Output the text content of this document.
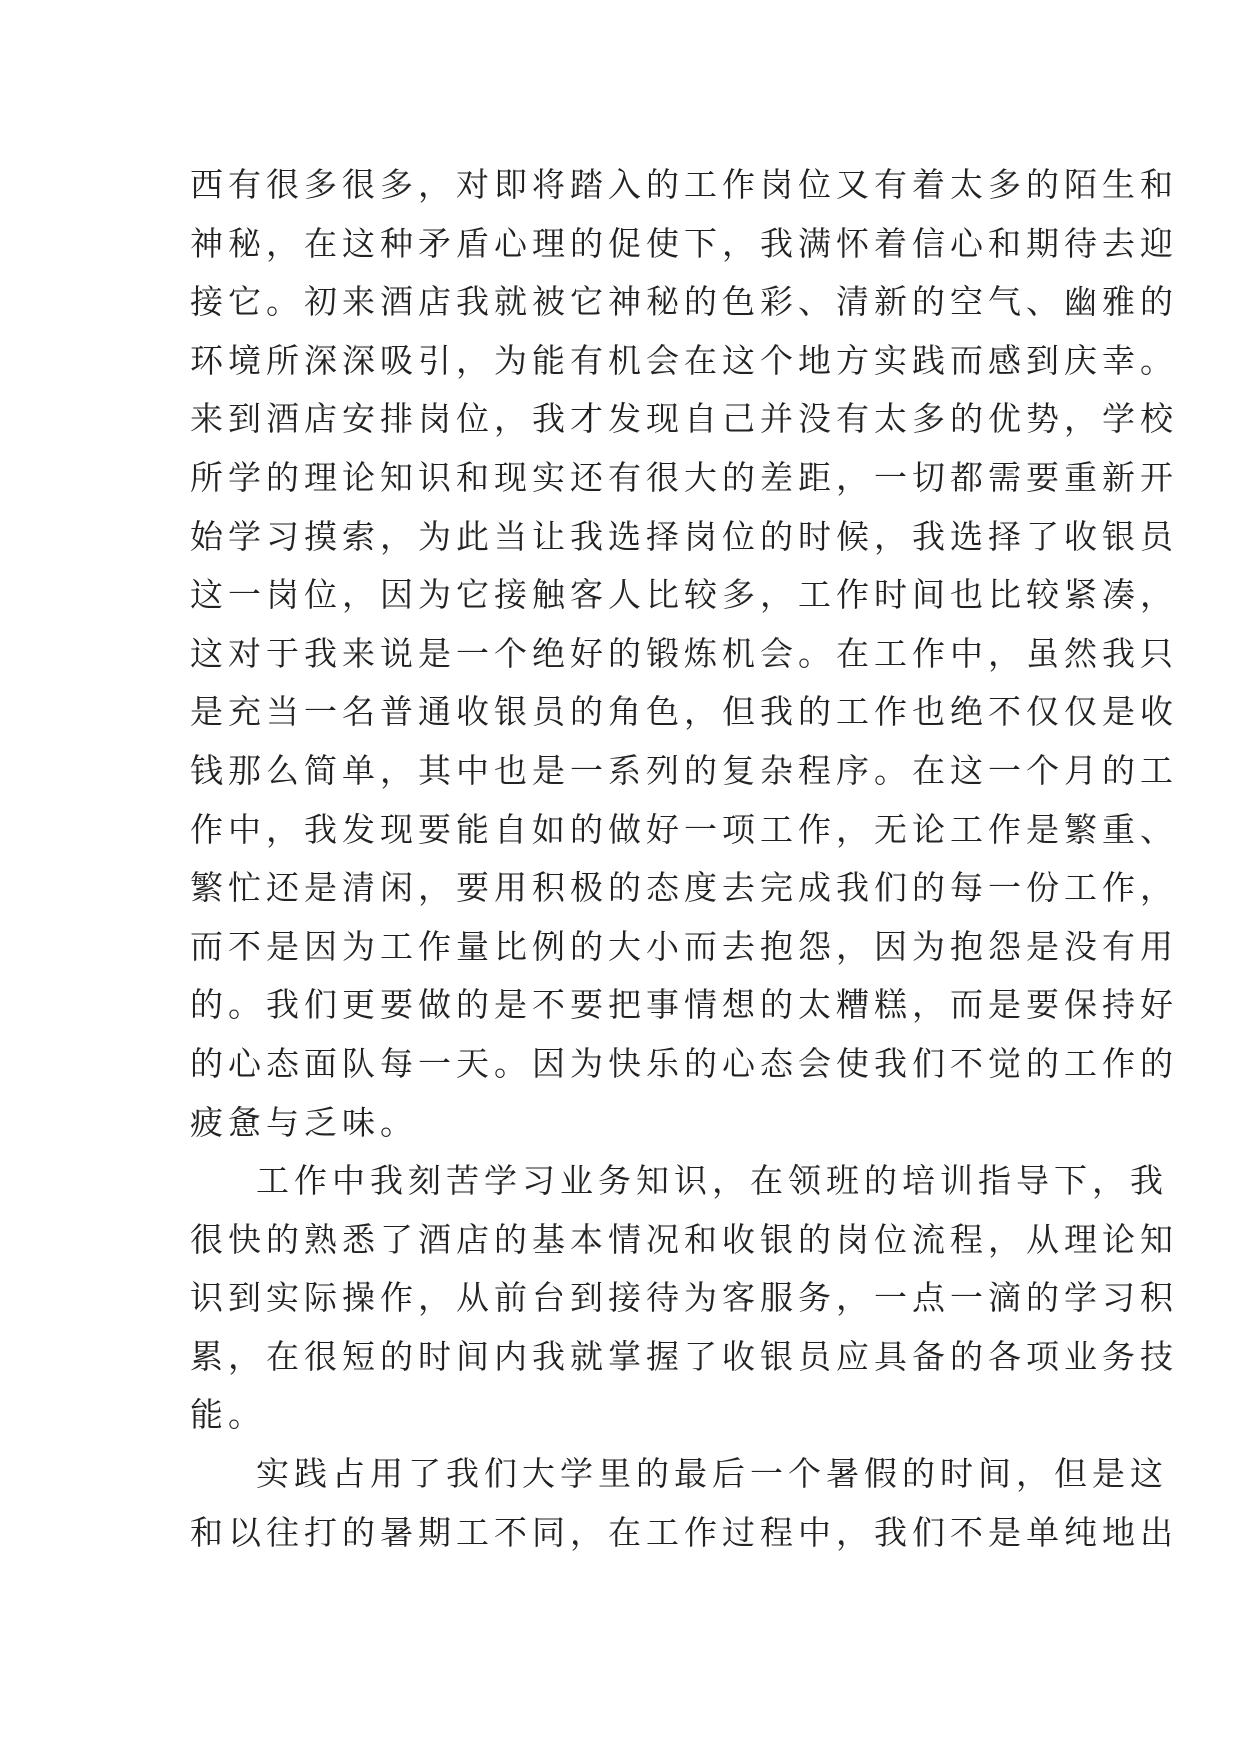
西有很多很多，对即将踏入的工作岗位又有着太多的陌生和
神秘，在这种矛盾心理的促使下，我满怀着信心和期待去迎
接它。初来酒店我就被它神秘的色彩、清新的空气、幽雅的
环境所深深吸引，为能有机会在这个地方实践而感到庆幸。
来到酒店安排岗位，我才发现自己并没有太多的优势，学校
所学的理论知识和现实还有很大的差距，一切都需要重新开
始学习摸索，为此当让我选择岗位的时候，我选择了收银员
这一岗位，因为它接触客人比较多，工作时间也比较紧凑，
这对于我来说是一个绝好的锻炼机会。在工作中，虽然我只
是充当一名普通收银员的角色，但我的工作也绝不仅仅是收
钱那么简单，其中也是一系列的复杂程序。在这一个月的工
作中，我发现要能自如的做好一项工作，无论工作是繁重、
繁忙还是清闲，要用积极的态度去完成我们的每一份工作，
而不是因为工作量比例的大小而去抱怨，因为抱怨是没有用
的。我们更要做的是不要把事情想的太糟糕，而是要保持好
的心态面队每一天。因为快乐的心态会使我们不觉的工作的
疲惫与乏味。
工作中我刻苦学习业务知识，在领班的培训指导下，我
很快的熟悉了酒店的基本情况和收银的岗位流程，从理论知
识到实际操作，从前台到接待为客服务，一点一滴的学习积
累，在很短的时间内我就掌握了收银员应具备的各项业务技
能。
实践占用了我们大学里的最后一个暑假的时间，但是这
和以往打的暑期工不同，在工作过程中，我们不是单纯地出
